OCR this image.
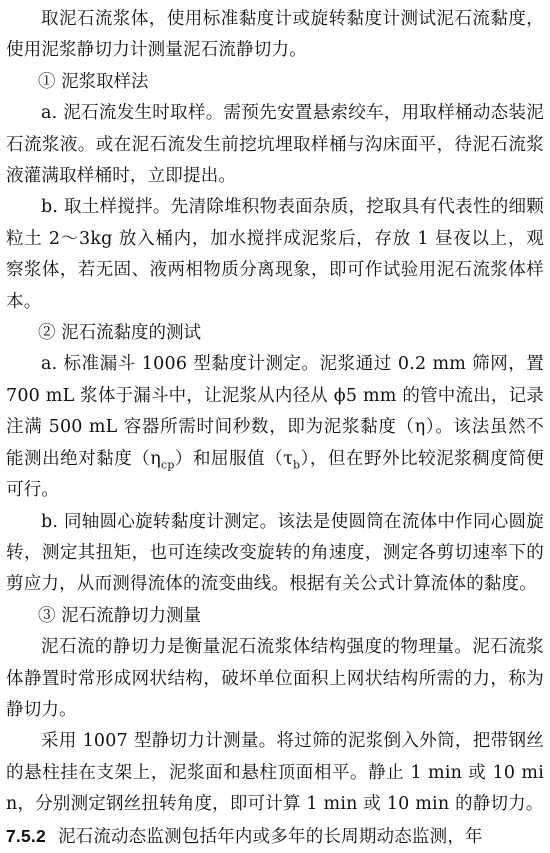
取泥石流浆体，使用标准黏度计或旋转黏度计测试泥石流黏度，使用泥浆静切力计测量泥石流静切力。

① 泥浆取样法

a. 泥石流发生时取样。需预先安置悬索绞车，用取样桶动态装泥石流浆液。或在泥石流发生前挖坑埋取样桶与沟床面平，待泥石流浆液灌满取样桶时，立即提出。

b. 取土样搅拌。先清除堆积物表面杂质，挖取具有代表性的细颗粒土 2～3kg 放入桶内，加水搅拌成泥浆后，存放 1 昼夜以上，观察浆体，若无固、液两相物质分离现象，即可作试验用泥石流浆体样本。

② 泥石流黏度的测试

a. 标准漏斗 1006 型黏度计测定。泥浆通过 0.2 mm 筛网，置 700 mL 浆体于漏斗中，让泥浆从内径从 ϕ5 mm 的管中流出，记录注满 500 mL 容器所需时间秒数，即为泥浆黏度（η）。该法虽然不能测出绝对黏度$(\eta_{cp})$和屈服值$(\tau_b)$，但在野外比较泥浆稠度简便可行。

b. 同轴圆心旋转黏度计测定。该法是使圆筒在流体中作同心圆旋转，测定其扭矩，也可连续改变旋转的角速度，测定各剪切速率下的剪应力，从而测得流体的流变曲线。根据有关公式计算流体的黏度。

③ 泥石流静切力测量

泥石流的静切力是衡量泥石流浆体结构强度的物理量。泥石流浆体静置时常形成网状结构，破坏单位面积上网状结构所需的力，称为静切力。

采用 1007 型静切力计测量。将过筛的泥浆倒入外筒，把带钢丝的悬柱挂在支架上，泥浆面和悬柱顶面相平。静止 1 min 或 10 min，分别测定钢丝扭转角度，即可计算 1 min 或 10 min 的静切力。

7.5.2 泥石流动态监测包括年内或多年的长周期动态监测，年
